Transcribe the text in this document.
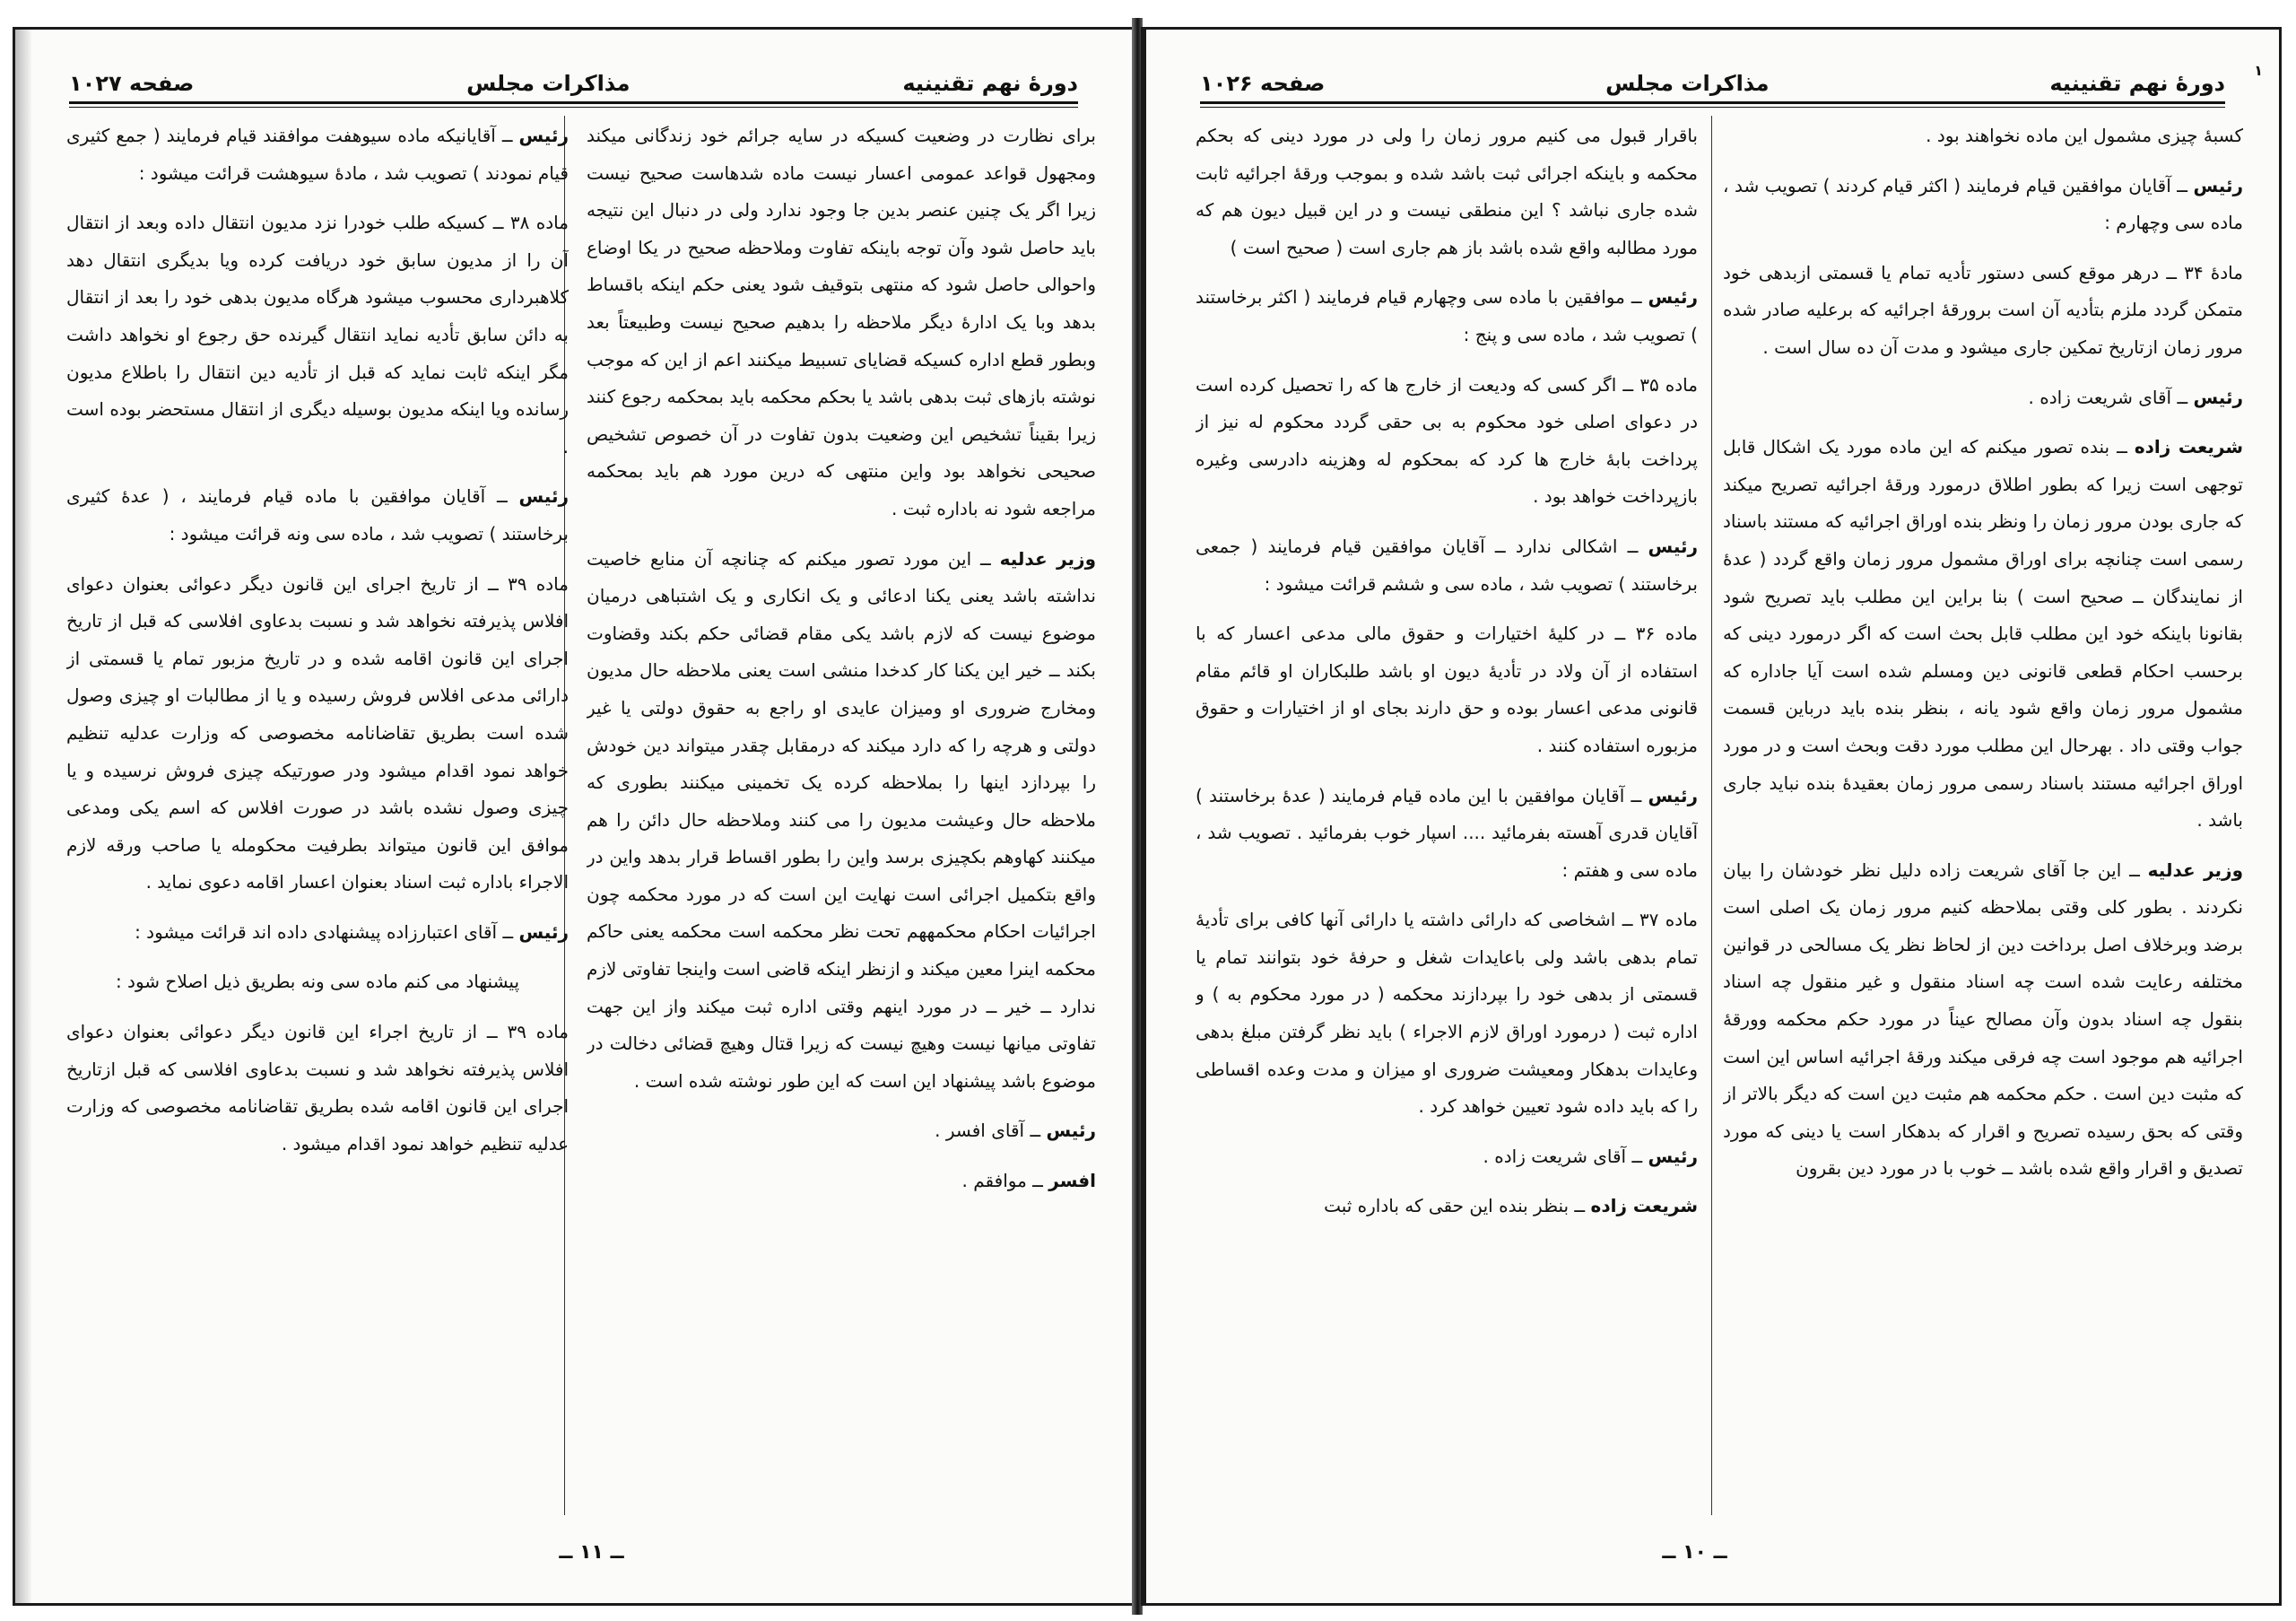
دورهٔ نهم تقنینیه
مذاکرات مجلس
صفحه ۱۰۲۷

برای نظارت در وضعیت کسیکه در سایه جرائم خود زندگانی میکند ومجهول قواعد عمومی اعسار نیست ماده شدهاست صحیح نیست زیرا اگر یک چنین عنصر بدین جا وجود ندارد ولی در دنبال این نتیجه باید حاصل شود وآن توجه باینکه تفاوت وملاحظه صحیح در یکا اوضاع واحوالی حاصل شود که منتهی بتوقیف شود یعنی حکم اینکه باقساط بدهد وبا یک ادارهٔ دیگر ملاحظه را بدهیم صحیح نیست وطبیعتاً بعد وبطور قطع اداره کسیکه قضایای تسبیط میکنند اعم از این که موجب نوشته بازهای ثبت بدهی باشد یا بحکم محکمه باید بمحکمه رجوع کنند زیرا بقیناً تشخیص این وضعیت بدون تفاوت در آن خصوص تشخیص صحیحی نخواهد بود واین منتهی که درین مورد هم باید بمحکمه مراجعه شود نه باداره ثبت .

وزیر عدلیه ــ این مورد تصور میکنم که چنانچه آن منابع خاصیت نداشته باشد یعنی یکنا ادعائی و یک انکاری و یک اشتباهی درمیان موضوع نیست که لازم باشد یکی مقام قضائی حکم بکند وقضاوت بکند ــ خیر این یکنا کار کدخدا منشی است یعنی ملاحظه حال مدیون ومخارج ضروری او ومیزان عایدی او راجع به حقوق دولتی یا غیر دولتی و هرچه را که دارد میکند که درمقابل چقدر میتواند دین خودش را بپردازد اینها را بملاحظه کرده یک تخمینی میکنند بطوری که ملاحظه حال وعیشت مدیون را می کنند وملاحظه حال دائن را هم میکنند کهاوهم بکچیزی برسد واین را بطور اقساط قرار بدهد واین در واقع بتکمیل اجرائی است نهایت این است که در مورد محکمه چون اجرائیات احکام محکمههم تحت نظر محکمه است محکمه یعنی حاکم محکمه اینرا معین میکند و ازنظر اینکه قاضی است واینجا تفاوتی لازم ندارد ــ خیر ــ در مورد اینهم وقتی اداره ثبت میکند واز این جهت تفاوتی میانها نیست وهیچ نیست که زیرا قتال وهیچ قضائی دخالت در موضوع باشد پیشنهاد این است که این طور نوشته شده است .

رئیس ــ آقای افسر .

افسر ــ موافقم .

رئیس ــ آقایانیکه ماده سیوهفت موافقند قیام فرمایند ( جمع کثیری قیام نمودند ) تصویب شد ، مادهٔ سیوهشت قرائت میشود :

ماده ۳۸ ــ کسیکه طلب خودرا نزد مدیون انتقال داده وبعد از انتقال آن را از مدیون سابق خود دریافت کرده ویا بدیگری انتقال دهد کلاهبرداری محسوب میشود هرگاه مدیون بدهی خود را بعد از انتقال به دائن سابق تأدیه نماید انتقال گیرنده حق رجوع او نخواهد داشت مگر اینکه ثابت نماید که قبل از تأدیه دین انتقال را باطلاع مدیون رسانده ویا اینکه مدیون بوسیله دیگری از انتقال مستحضر بوده است .

رئیس ــ آقایان موافقین با ماده قیام فرمایند ، ( عدهٔ کثیری برخاستند ) تصویب شد ، ماده سی ونه قرائت میشود :

ماده ۳۹ ــ از تاریخ اجرای این قانون دیگر دعوائی بعنوان دعوای افلاس پذیرفته نخواهد شد و نسبت بدعاوی افلاسی که قبل از تاریخ اجرای این قانون اقامه شده و در تاریخ مزبور تمام یا قسمتی از دارائی مدعی افلاس فروش رسیده و یا از مطالبات او چیزی وصول شده است بطریق تقاضانامه مخصوصی که وزارت عدلیه تنظیم خواهد نمود اقدام میشود ودر صورتیکه چیزی فروش نرسیده و یا چیزی وصول نشده باشد در صورت افلاس که اسم یکی ومدعی موافق این قانون میتواند بطرفیت محکومله یا صاحب ورقه لازم الاجراء باداره ثبت اسناد بعنوان اعسار اقامه دعوی نماید .

رئیس ــ آقای اعتبارزاده پیشنهادی داده اند قرائت میشود :

پیشنهاد می کنم ماده سی ونه بطریق ذیل اصلاح شود :

ماده ۳۹ ــ از تاریخ اجراء این قانون دیگر دعوائی بعنوان دعوای افلاس پذیرفته نخواهد شد و نسبت بدعاوی افلاسی که قبل ازتاریخ اجرای این قانون اقامه شده بطریق تقاضانامه مخصوصی که وزارت عدلیه تنظیم خواهد نمود اقدام میشود .

ــ ۱۱ ــ
۱
دورهٔ نهم تقنینیه
مذاکرات مجلس
صفحه ۱۰۲۶

کسبهٔ چیزی مشمول این ماده نخواهند بود .

رئیس ــ آقایان موافقین قیام فرمایند ( اکثر قیام کردند ) تصویب شد ، ماده سی وچهارم :

مادهٔ ۳۴ ــ درهر موقع کسی دستور تأدیه تمام یا قسمتی ازبدهی خود متمکن گردد ملزم بتأدیه آن است برورقهٔ اجرائیه که برعلیه صادر شده مرور زمان ازتاریخ تمکین جاری میشود و مدت آن ده سال است .

رئیس ــ آقای شریعت زاده .

شریعت زاده ــ بنده تصور میکنم که این ماده مورد یک اشکال قابل توجهی است زیرا که بطور اطلاق درمورد ورقهٔ اجرائیه تصریح میکند که جاری بودن مرور زمان را ونظر بنده اوراق اجرائیه که مستند باسناد رسمی است چنانچه برای اوراق مشمول مرور زمان واقع گردد ( عدهٔ از نمایندگان ــ صحیح است ) بنا براین این مطلب باید تصریح شود بقانونا باینکه خود این مطلب قابل بحث است که اگر درمورد دینی که برحسب احکام قطعی قانونی دین ومسلم شده است آیا جاداره که مشمول مرور زمان واقع شود یانه ، بنظر بنده باید درباین قسمت جواب وقتی داد . بهرحال این مطلب مورد دقت وبحث است و در مورد اوراق اجرائیه مستند باسناد رسمی مرور زمان بعقیدهٔ بنده نباید جاری باشد .

وزیر عدلیه ــ این جا آقای شریعت زاده دلیل نظر خودشان را بیان نکردند . بطور کلی وقتی بملاحظه کنیم مرور زمان یک اصلی است برضد وبرخلاف اصل برداخت دین از لحاظ نظر یک مسالحی در قوانین مختلفه رعایت شده است چه اسناد منقول و غیر منقول چه اسناد بنقول چه اسناد بدون وآن مصالح عیناً در مورد حکم محکمه وورقهٔ اجرائیه هم موجود است چه فرقی میکند ورقهٔ اجرائیه اساس این است که مثبت دین است . حکم محکمه هم مثبت دین است که دیگر بالاتر از وقتی که بحق رسیده تصریح و اقرار که بدهکار است یا دینی که مورد تصدیق و اقرار واقع شده باشد ــ خوب با در مورد دین بقرون

باقرار قبول می کنیم مرور زمان را ولی در مورد دینی که بحکم محکمه و باینکه اجرائی ثبت باشد شده و بموجب ورقهٔ اجرائیه ثابت شده جاری نباشد ؟ این منطقی نیست و در این قبیل دیون هم که مورد مطالبه واقع شده باشد باز هم جاری است ( صحیح است )

رئیس ــ موافقین با ماده سی وچهارم قیام فرمایند ( اکثر برخاستند ) تصویب شد ، ماده سی و پنج :

ماده ۳۵ ــ اگر کسی که ودیعت از خارج ها که را تحصیل کرده است در دعوای اصلی خود محکوم به بی حقی گردد محکوم له نیز از پرداخت بابهٔ خارج ها کرد که بمحکوم له وهزینه دادرسی وغیره بازپرداخت خواهد بود .

رئیس ــ اشکالی ندارد ــ آقایان موافقین قیام فرمایند ( جمعی برخاستند ) تصویب شد ، ماده سی و ششم قرائت میشود :

ماده ۳۶ ــ در کلیهٔ اختیارات و حقوق مالی مدعی اعسار که با استفاده از آن ولاد در تأدیهٔ دیون او باشد طلبکاران او قائم مقام قانونی مدعی اعسار بوده و حق دارند بجای او از اختیارات و حقوق مزبوره استفاده کنند .

رئیس ــ آقایان موافقین با این ماده قیام فرمایند ( عدهٔ برخاستند ) آقایان قدری آهسته بفرمائید .... اسپار خوب بفرمائید . تصویب شد ، ماده سی و هفتم :

ماده ۳۷ ــ اشخاصی که دارائی داشته یا دارائی آنها کافی برای تأدیهٔ تمام بدهی باشد ولی باعایدات شغل و حرفهٔ خود بتوانند تمام یا قسمتی از بدهی خود را بپردازند محکمه ( در مورد محکوم به ) و اداره ثبت ( درمورد اوراق لازم الاجراء ) باید نظر گرفتن مبلغ بدهی وعایدات بدهکار ومعیشت ضروری او میزان و مدت وعده اقساطی را که باید داده شود تعیین خواهد کرد .

رئیس ــ آقای شریعت زاده .

شریعت زاده ــ بنظر بنده این حقی که باداره ثبت

ــ ۱۰ ــ
